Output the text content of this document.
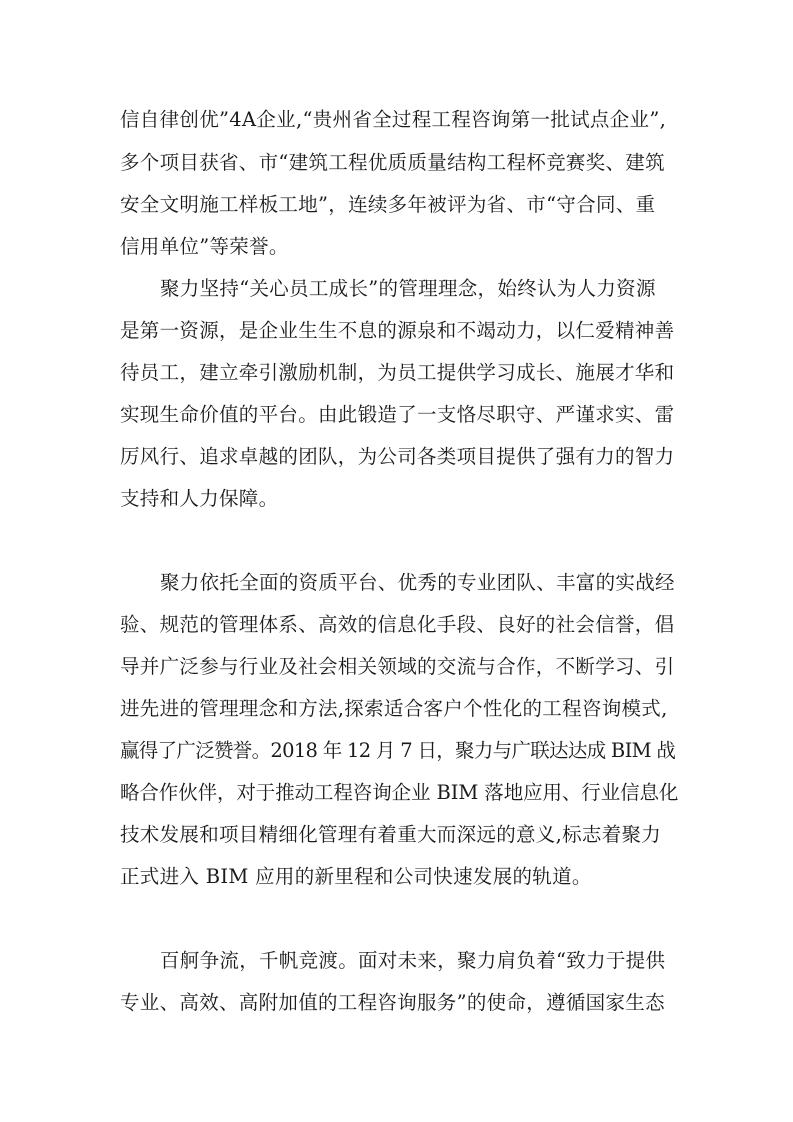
信自律创优”4A企业,“贵州省全过程工程咨询第一批试点企业”,
多个项目获省、市“建筑工程优质质量结构工程杯竞赛奖、建筑
安全文明施工样板工地”，连续多年被评为省、市“守合同、重
信用单位”等荣誉。
聚力坚持“关心员工成长”的管理理念，始终认为人力资源
是第一资源，是企业生生不息的源泉和不竭动力，以仁爱精神善
待员工，建立牵引激励机制，为员工提供学习成长、施展才华和
实现生命价值的平台。由此锻造了一支恪尽职守、严谨求实、雷
厉风行、追求卓越的团队，为公司各类项目提供了强有力的智力
支持和人力保障。
聚力依托全面的资质平台、优秀的专业团队、丰富的实战经
验、规范的管理体系、高效的信息化手段、良好的社会信誉，倡
导并广泛参与行业及社会相关领域的交流与合作，不断学习、引
进先进的管理理念和方法,探索适合客户个性化的工程咨询模式,
赢得了广泛赞誉。2018 年 12 月 7 日，聚力与广联达达成 BIM 战
略合作伙伴，对于推动工程咨询企业 BIM 落地应用、行业信息化
技术发展和项目精细化管理有着重大而深远的意义,标志着聚力
正式进入 BIM 应用的新里程和公司快速发展的轨道。
百舸争流，千帆竞渡。面对未来，聚力肩负着“致力于提供
专业、高效、高附加值的工程咨询服务”的使命，遵循国家生态
